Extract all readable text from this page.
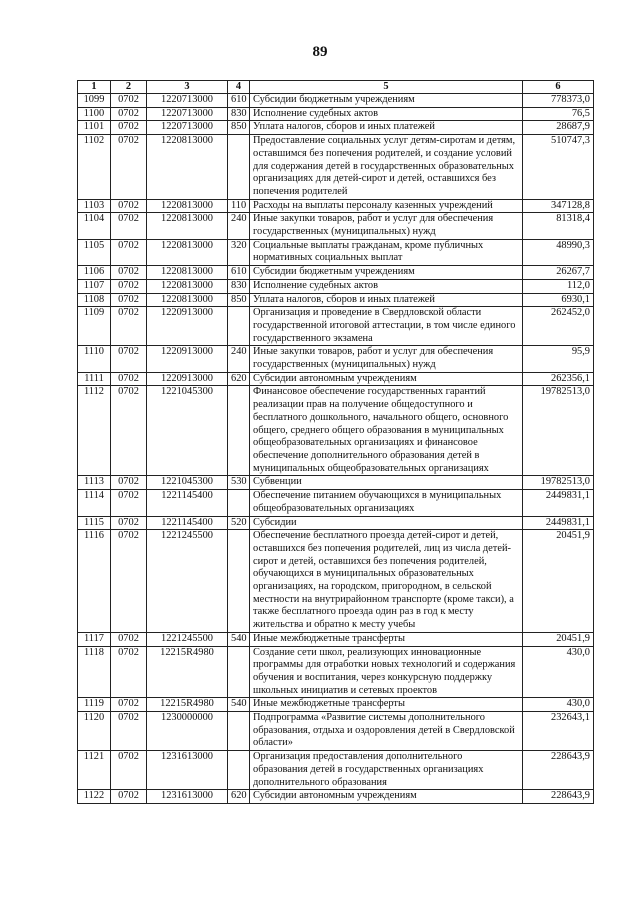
89
1	2	3	4	5	6
1099	0702	1220713000	610	Субсидии бюджетным учреждениям	778373,0
1100	0702	1220713000	830	Исполнение судебных актов	76,5
1101	0702	1220713000	850	Уплата налогов, сборов и иных платежей	28687,9
1102	0702	1220813000		Предоставление социальных услуг детям-сиротам и детям, оставшимся без попечения родителей, и создание условий для содержания детей в государственных образовательных организациях для детей-сирот и детей, оставшихся без попечения родителей	510747,3
1103	0702	1220813000	110	Расходы на выплаты персоналу казенных учреждений	347128,8
1104	0702	1220813000	240	Иные закупки товаров, работ и услуг для обеспечения государственных (муниципальных) нужд	81318,4
1105	0702	1220813000	320	Социальные выплаты гражданам, кроме публичных нормативных социальных выплат	48990,3
1106	0702	1220813000	610	Субсидии бюджетным учреждениям	26267,7
1107	0702	1220813000	830	Исполнение судебных актов	112,0
1108	0702	1220813000	850	Уплата налогов, сборов и иных платежей	6930,1
1109	0702	1220913000		Организация и проведение в Свердловской области государственной итоговой аттестации, в том числе единого государственного экзамена	262452,0
1110	0702	1220913000	240	Иные закупки товаров, работ и услуг для обеспечения государственных (муниципальных) нужд	95,9
1111	0702	1220913000	620	Субсидии автономным учреждениям	262356,1
1112	0702	1221045300		Финансовое обеспечение государственных гарантий реализации прав на получение общедоступного и бесплатного дошкольного, начального общего, основного общего, среднего общего образования в муниципальных общеобразовательных организациях и финансовое обеспечение дополнительного образования детей в муниципальных общеобразовательных организациях	19782513,0
1113	0702	1221045300	530	Субвенции	19782513,0
1114	0702	1221145400		Обеспечение питанием обучающихся в муниципальных общеобразовательных организациях	2449831,1
1115	0702	1221145400	520	Субсидии	2449831,1
1116	0702	1221245500		Обеспечение бесплатного проезда детей-сирот и детей, оставшихся без попечения родителей, лиц из числа детей-сирот и детей, оставшихся без попечения родителей, обучающихся в муниципальных образовательных организациях, на городском, пригородном, в сельской местности на внутрирайонном транспорте (кроме такси), а также бесплатного проезда один раз в год к месту жительства и обратно к месту учебы	20451,9
1117	0702	1221245500	540	Иные межбюджетные трансферты	20451,9
1118	0702	12215R4980		Создание сети школ, реализующих инновационные программы для отработки новых технологий и содержания обучения и воспитания, через конкурсную поддержку школьных инициатив и сетевых проектов	430,0
1119	0702	12215R4980	540	Иные межбюджетные трансферты	430,0
1120	0702	1230000000		Подпрограмма «Развитие системы дополнительного образования, отдыха и оздоровления детей в Свердловской области»	232643,1
1121	0702	1231613000		Организация предоставления дополнительного образования детей в государственных организациях дополнительного образования	228643,9
1122	0702	1231613000	620	Субсидии автономным учреждениям	228643,9
